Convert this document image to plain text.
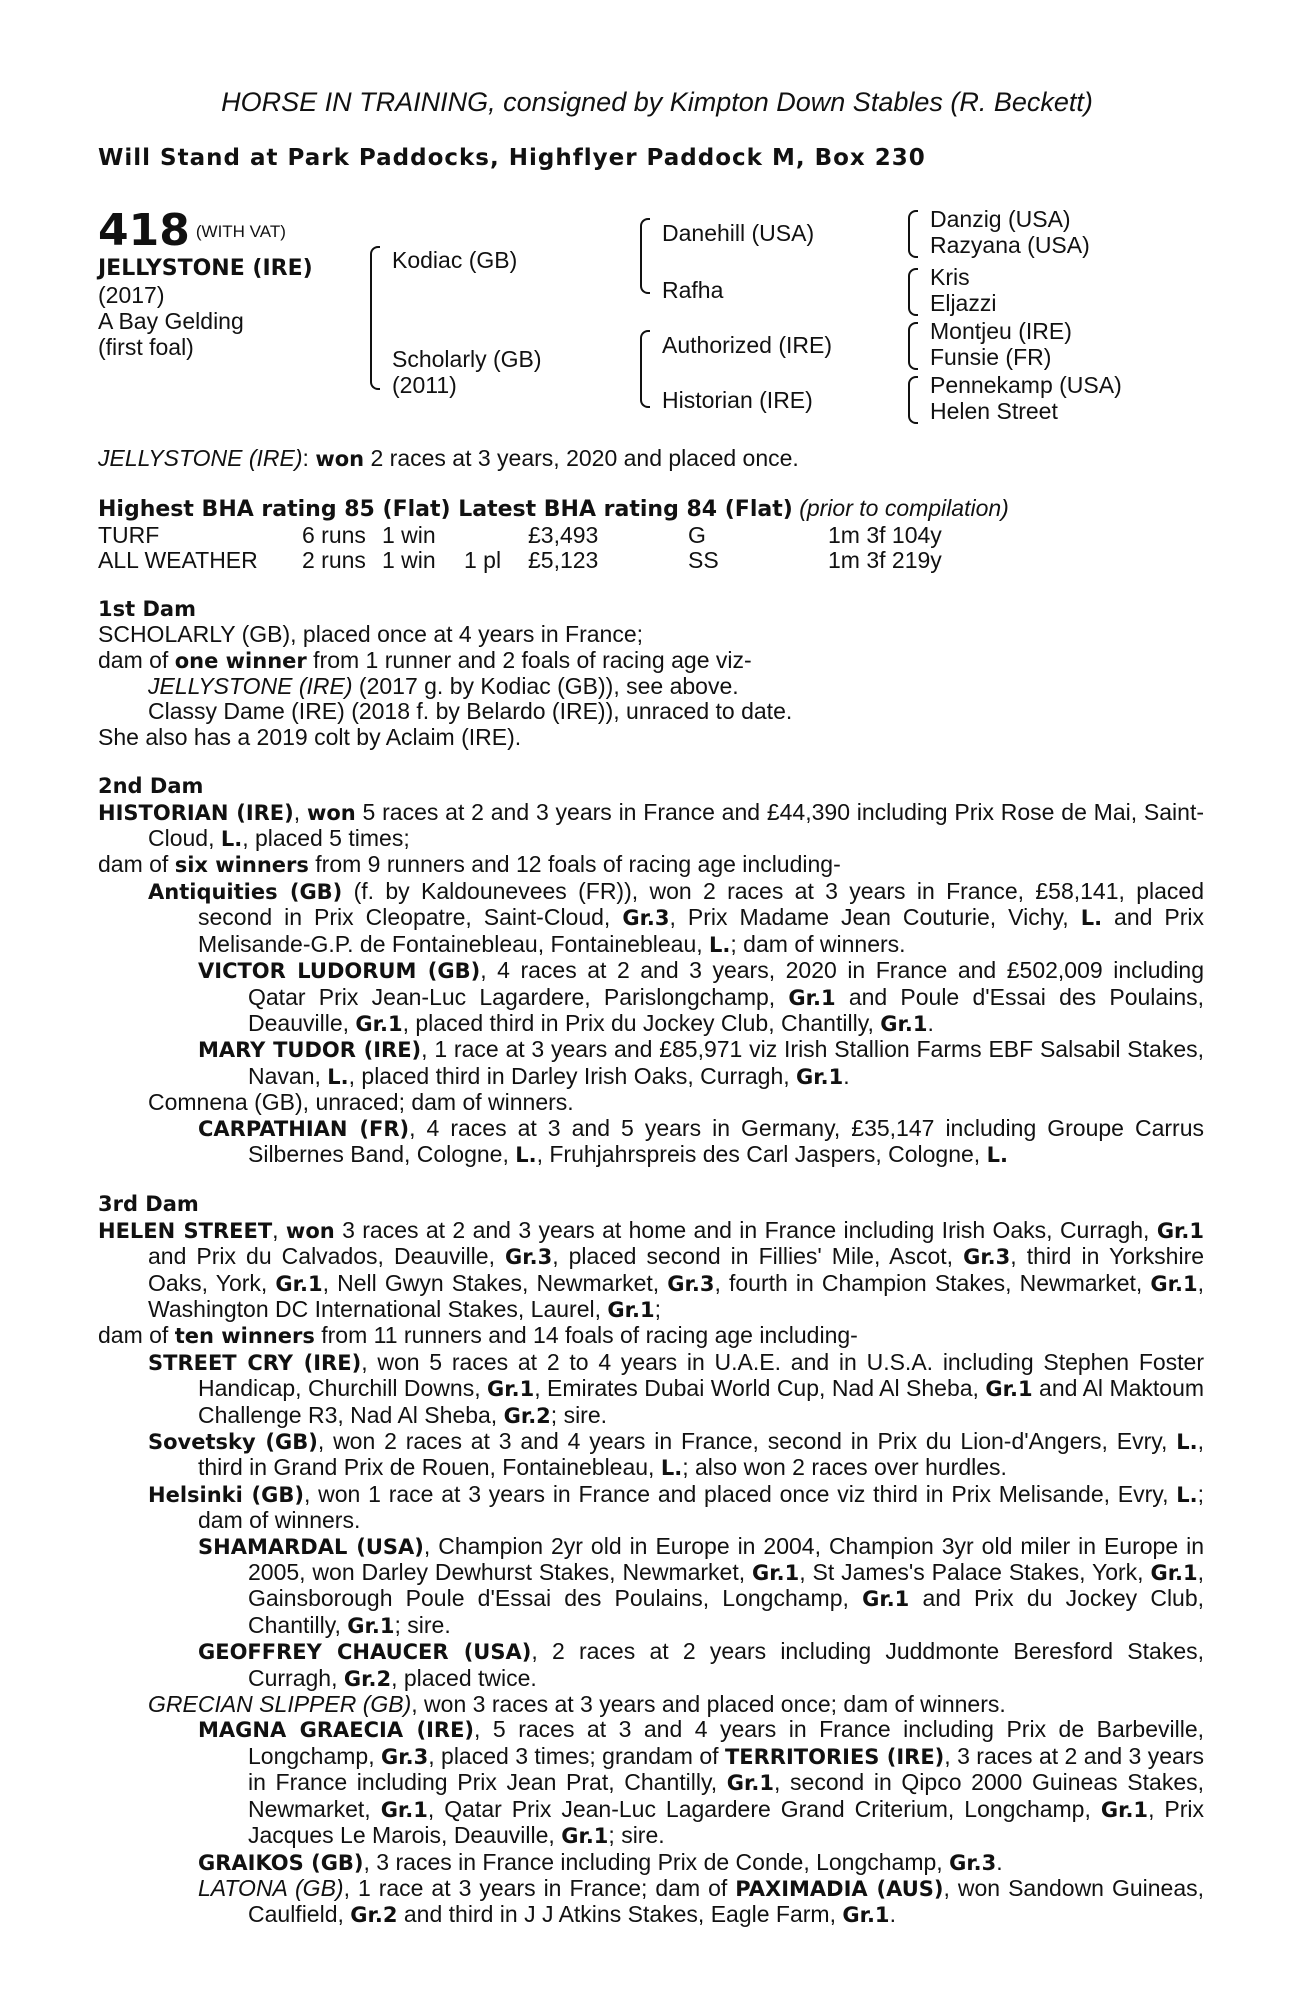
HORSE IN TRAINING, consigned by Kimpton Down Stables (R. Beckett)
Will Stand at Park Paddocks, Highflyer Paddock M, Box 230
418 $^{(WITH VAT)}$
JELLYSTONE (IRE)
(2017)
A Bay Gelding
(first foal)
Kodiac (GB)
Scholarly (GB)
(2011)
Danehill (USA)
Rafha
Authorized (IRE)
Historian (IRE)
Danzig (USA)
Razyana (USA)
Kris
Eljazzi
Montjeu (IRE)
Funsie (FR)
Pennekamp (USA)
Helen Street

JELLYSTONE (IRE): won 2 races at 3 years, 2020 and placed once.

Highest BHA rating 85 (Flat) Latest BHA rating 84 (Flat) (prior to compilation)

TURF	6 runs	1 win		£3,493	G	1m 3f 104y
ALL WEATHER	2 runs	1 win	1 pl	£5,123	SS	1m 3f 219y

1st Dam

SCHOLARLY (GB), placed once at 4 years in France;

dam of one winner from 1 runner and 2 foals of racing age viz-

JELLYSTONE (IRE) (2017 g. by Kodiac (GB)), see above.

Classy Dame (IRE) (2018 f. by Belardo (IRE)), unraced to date.

She also has a 2019 colt by Aclaim (IRE).

2nd Dam

HISTORIAN (IRE), won 5 races at 2 and 3 years in France and £44,390 including Prix Rose de Mai, Saint-Cloud, L., placed 5 times;

dam of six winners from 9 runners and 12 foals of racing age including-

Antiquities (GB) (f. by Kaldounevees (FR)), won 2 races at 3 years in France, £58,141, placed second in Prix Cleopatre, Saint-Cloud, Gr.3, Prix Madame Jean Couturie, Vichy, L. and Prix Melisande-G.P. de Fontainebleau, Fontainebleau, L.; dam of winners.

VICTOR LUDORUM (GB), 4 races at 2 and 3 years, 2020 in France and £502,009 including Qatar Prix Jean-Luc Lagardere, Parislongchamp, Gr.1 and Poule d'Essai des Poulains, Deauville, Gr.1, placed third in Prix du Jockey Club, Chantilly, Gr.1.

MARY TUDOR (IRE), 1 race at 3 years and £85,971 viz Irish Stallion Farms EBF Salsabil Stakes, Navan, L., placed third in Darley Irish Oaks, Curragh, Gr.1.

Comnena (GB), unraced; dam of winners.

CARPATHIAN (FR), 4 races at 3 and 5 years in Germany, £35,147 including Groupe Carrus Silbernes Band, Cologne, L., Fruhjahrspreis des Carl Jaspers, Cologne, L.

3rd Dam

HELEN STREET, won 3 races at 2 and 3 years at home and in France including Irish Oaks, Curragh, Gr.1 and Prix du Calvados, Deauville, Gr.3, placed second in Fillies' Mile, Ascot, Gr.3, third in Yorkshire Oaks, York, Gr.1, Nell Gwyn Stakes, Newmarket, Gr.3, fourth in Champion Stakes, Newmarket, Gr.1, Washington DC International Stakes, Laurel, Gr.1;

dam of ten winners from 11 runners and 14 foals of racing age including-

STREET CRY (IRE), won 5 races at 2 to 4 years in U.A.E. and in U.S.A. including Stephen Foster Handicap, Churchill Downs, Gr.1, Emirates Dubai World Cup, Nad Al Sheba, Gr.1 and Al Maktoum Challenge R3, Nad Al Sheba, Gr.2; sire.

Sovetsky (GB), won 2 races at 3 and 4 years in France, second in Prix du Lion-d'Angers, Evry, L., third in Grand Prix de Rouen, Fontainebleau, L.; also won 2 races over hurdles.

Helsinki (GB), won 1 race at 3 years in France and placed once viz third in Prix Melisande, Evry, L.; dam of winners.

SHAMARDAL (USA), Champion 2yr old in Europe in 2004, Champion 3yr old miler in Europe in 2005, won Darley Dewhurst Stakes, Newmarket, Gr.1, St James's Palace Stakes, York, Gr.1, Gainsborough Poule d'Essai des Poulains, Longchamp, Gr.1 and Prix du Jockey Club, Chantilly, Gr.1; sire.

GEOFFREY CHAUCER (USA), 2 races at 2 years including Juddmonte Beresford Stakes, Curragh, Gr.2, placed twice.

GRECIAN SLIPPER (GB), won 3 races at 3 years and placed once; dam of winners.

MAGNA GRAECIA (IRE), 5 races at 3 and 4 years in France including Prix de Barbeville, Longchamp, Gr.3, placed 3 times; grandam of TERRITORIES (IRE), 3 races at 2 and 3 years in France including Prix Jean Prat, Chantilly, Gr.1, second in Qipco 2000 Guineas Stakes, Newmarket, Gr.1, Qatar Prix Jean-Luc Lagardere Grand Criterium, Longchamp, Gr.1, Prix Jacques Le Marois, Deauville, Gr.1; sire.

GRAIKOS (GB), 3 races in France including Prix de Conde, Longchamp, Gr.3.

LATONA (GB), 1 race at 3 years in France; dam of PAXIMADIA (AUS), won Sandown Guineas, Caulfield, Gr.2 and third in J J Atkins Stakes, Eagle Farm, Gr.1.
